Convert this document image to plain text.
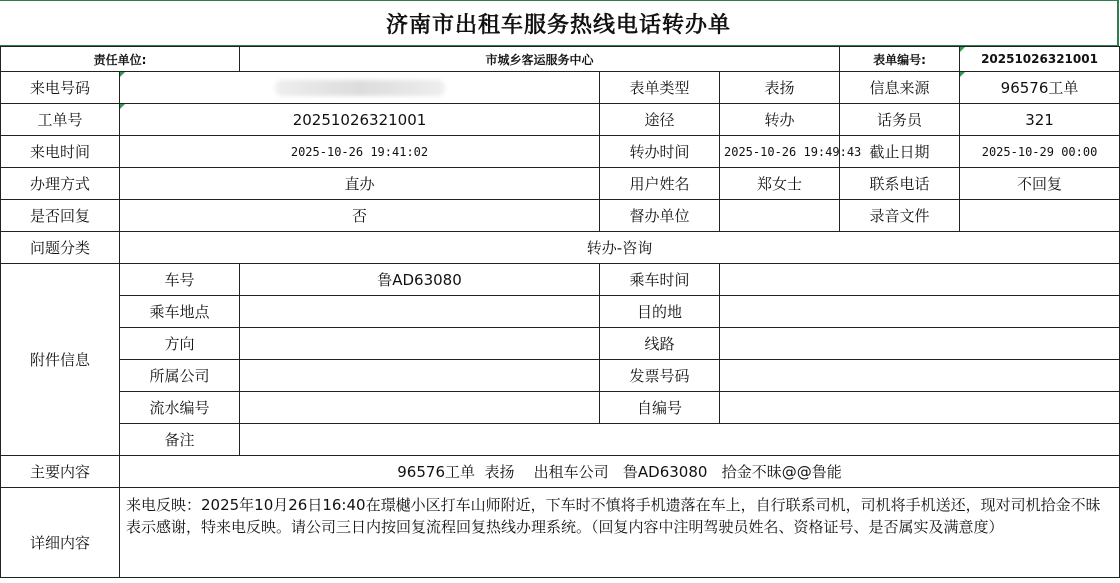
济南市出租车服务热线电话转办单
责任单位:		市城乡客运服务中心			表单编号:	20251026321001
来电号码			表单类型	表扬	信息来源	96576工单
工单号	20251026321001		途径	转办	话务员	321
来电时间	2025-10-26 19:41:02		转办时间	2025-10-26 19:49:43	截止日期	2025-10-29 00:00
办理方式	直办		用户姓名	郑女士	联系电话	不回复
是否回复	否		督办单位		录音文件	
问题分类	转办-咨询					
附件信息	车号	鲁AD63080	乘车时间			
	乘车地点		目的地			
	方向		线路			
	所属公司		发票号码			
	流水编号		自编号			
	备注					
主要内容	96576工单  表扬    出租车公司   鲁AD63080   拾金不昧@@鲁能					
详细内容	来电反映：2025年10月26日16:40在璟樾小区打车山师附近，下车时不慎将手机遗落在车上，自行联系司机，司机将手机送还，现对司机拾金不昧表示感谢，特来电反映。请公司三日内按回复流程回复热线办理系统。（回复内容中注明驾驶员姓名、资格证号、是否属实及满意度）					
